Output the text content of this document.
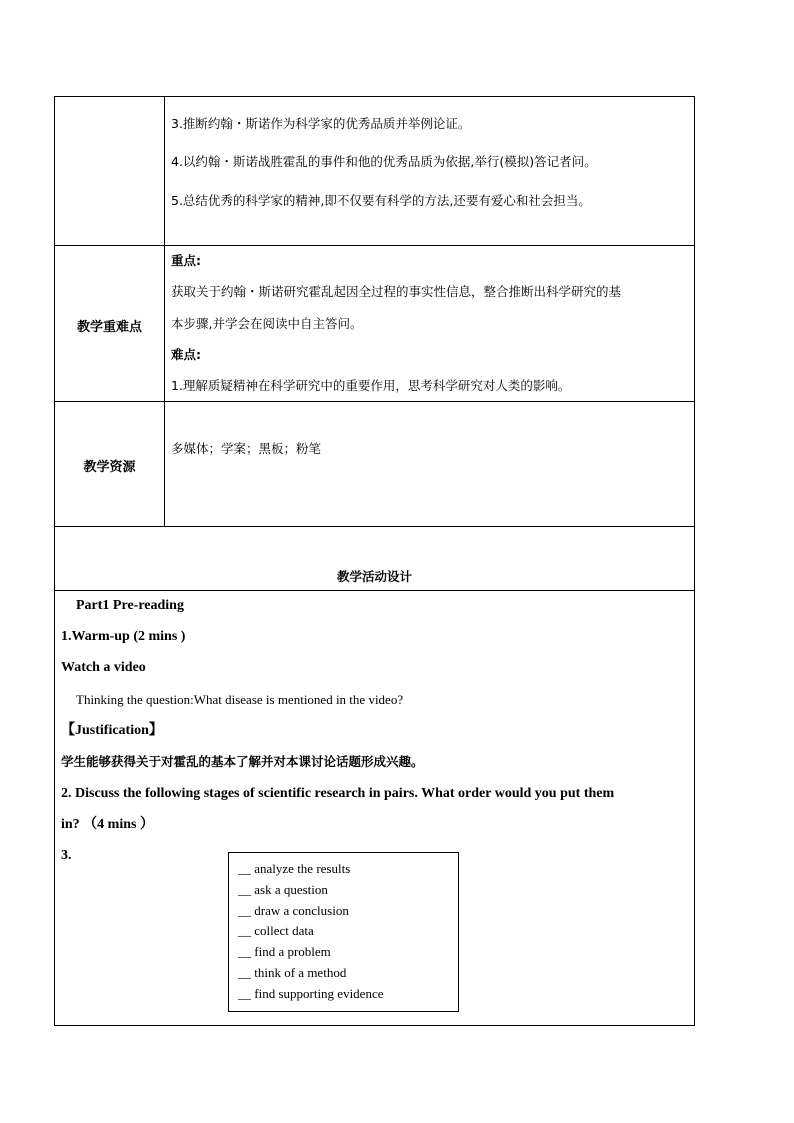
3.推断约翰・斯诺作为科学家的优秀品质并举例论证。
4.以约翰・斯诺战胜霍乱的事件和他的优秀品质为依据,举行(模拟)答记者问。
5.总结优秀的科学家的精神,即不仅要有科学的方法,还要有爱心和社会担当。
教学重难点
重点:
获取关于约翰・斯诺研究霍乱起因全过程的事实性信息，整合推断出科学研究的基
本步骤,并学会在阅读中自主答问。
难点:
1.理解质疑精神在科学研究中的重要作用，思考科学研究对人类的影响。
教学资源
多媒体；学案；黑板；粉笔
教学活动设计
Part1 Pre-reading
1.Warm-up (2 mins )
Watch a video
Thinking the question:What disease is mentioned in the video?
【Justification】
学生能够获得关于对霍乱的基本了解并对本课讨论话题形成兴趣。
2. Discuss the following stages of scientific research in pairs. What order would you put them
in? （4 mins ）
3.
__ analyze the results
__ ask a question
__ draw a conclusion
__ collect data
__ find a problem
__ think of a method
__ find supporting evidence
